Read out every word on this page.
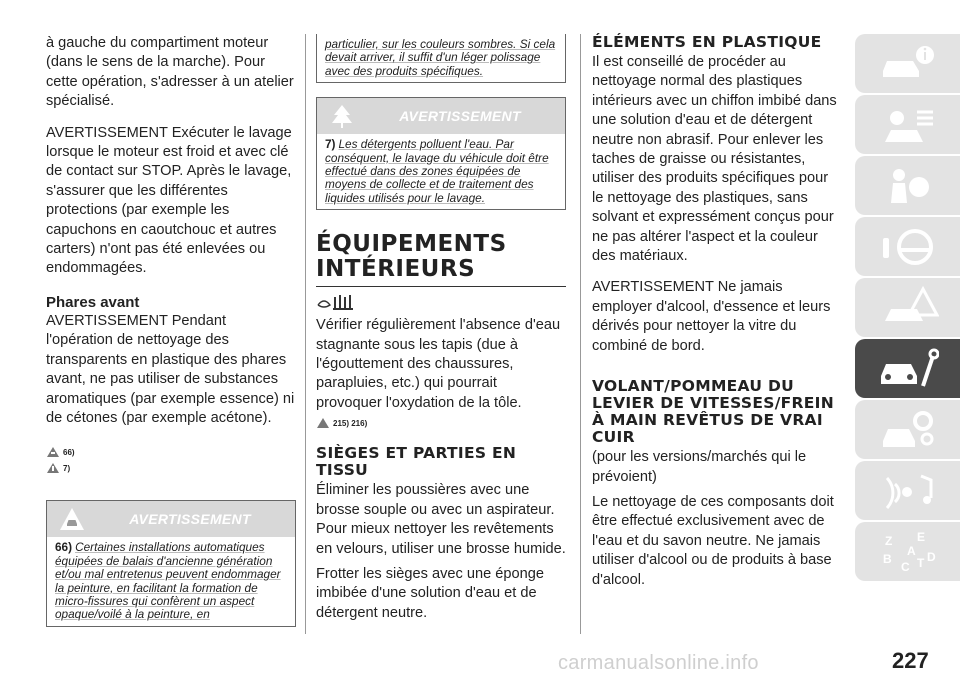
à gauche du compartiment moteur (dans le sens de la marche). Pour cette opération, s'adresser à un atelier spécialisé.

AVERTISSEMENT Exécuter le lavage lorsque le moteur est froid et avec clé de contact sur STOP. Après le lavage, s'assurer que les différentes protections (par exemple les capuchons en caoutchouc et autres carters) n'ont pas été enlevées ou endommagées.

Phares avant

AVERTISSEMENT Pendant l'opération de nettoyage des transparents en plastique des phares avant, ne pas utiliser de substances aromatiques (par exemple essence) ni de cétones (par exemple acétone).

66)
7)
AVERTISSEMENT
66) Certaines installations automatiques équipées de balais d'ancienne génération et/ou mal entretenus peuvent endommager la peinture, en facilitant la formation de micro-fissures qui confèrent un aspect opaque/voilé à la peinture, en
particulier, sur les couleurs sombres. Si cela devait arriver, il suffit d'un léger polissage avec des produits spécifiques.
AVERTISSEMENT
7) Les détergents polluent l'eau. Par conséquent, le lavage du véhicule doit être effectué dans des zones équipées de moyens de collecte et de traitement des liquides utilisés pour le lavage.
ÉQUIPEMENTS INTÉRIEURS

Vérifier régulièrement l'absence d'eau stagnante sous les tapis (due à l'égouttement des chaussures, parapluies, etc.) qui pourrait provoquer l'oxydation de la tôle.

215) 216)
SIÈGES ET PARTIES EN TISSU

Éliminer les poussières avec une brosse souple ou avec un aspirateur. Pour mieux nettoyer les revêtements en velours, utiliser une brosse humide.

Frotter les sièges avec une éponge imbibée d'une solution d'eau et de détergent neutre.

ÉLÉMENTS EN PLASTIQUE

Il est conseillé de procéder au nettoyage normal des plastiques intérieurs avec un chiffon imbibé dans une solution d'eau et de détergent neutre non abrasif. Pour enlever les taches de graisse ou résistantes, utiliser des produits spécifiques pour le nettoyage des plastiques, sans solvant et expressément conçus pour ne pas altérer l'aspect et la couleur des matériaux.

AVERTISSEMENT Ne jamais employer d'alcool, d'essence et leurs dérivés pour nettoyer la vitre du combiné de bord.

VOLANT/POMMEAU DU LEVIER DE VITESSES/FREIN À MAIN REVÊTUS DE VRAI CUIR

(pour les versions/marchés qui le prévoient)

Le nettoyage de ces composants doit être effectué exclusivement avec de l'eau et du savon neutre. Ne jamais utiliser d'alcool ou de produits à base d'alcool.

Z E
A
B
C T D
227
carmanualsonline.info
